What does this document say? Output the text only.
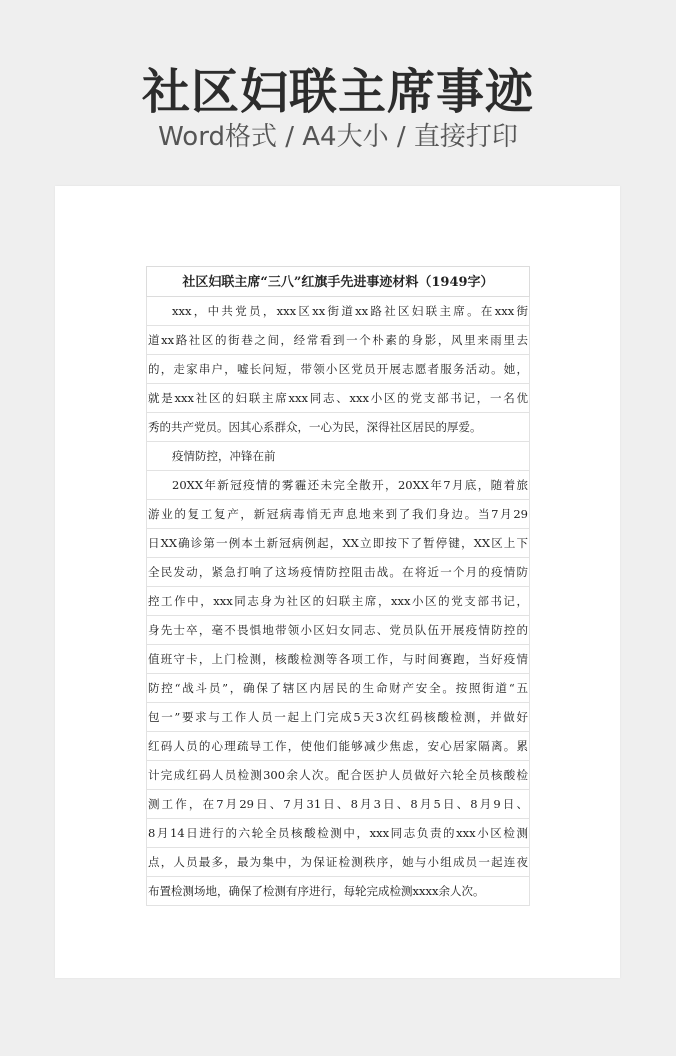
社区妇联主席事迹
Word格式 / A4大小 / 直接打印
社区妇联主席“三八”红旗手先进事迹材料（1949字）
xxx，中共党员，xxx区xx街道xx路社区妇联主席。在xxx街
道xx路社区的街巷之间，经常看到一个朴素的身影，风里来雨里去
的，走家串户，嘘长问短，带领小区党员开展志愿者服务活动。她，
就是xxx社区的妇联主席xxx同志、xxx小区的党支部书记，一名优
秀的共产党员。因其心系群众，一心为民，深得社区居民的厚爱。
疫情防控，冲锋在前
20XX年新冠疫情的雾霾还未完全散开，20XX年7月底，随着旅
游业的复工复产，新冠病毒悄无声息地来到了我们身边。当7月29
日XX确诊第一例本土新冠病例起，XX立即按下了暂停键，XX区上下
全民发动，紧急打响了这场疫情防控阻击战。在将近一个月的疫情防
控工作中，xxx同志身为社区的妇联主席，xxx小区的党支部书记，
身先士卒，毫不畏惧地带领小区妇女同志、党员队伍开展疫情防控的
值班守卡，上门检测，核酸检测等各项工作，与时间赛跑，当好疫情
防控“战斗员”，确保了辖区内居民的生命财产安全。按照街道“五
包一”要求与工作人员一起上门完成5天3次红码核酸检测，并做好
红码人员的心理疏导工作，使他们能够减少焦虑，安心居家隔离。累
计完成红码人员检测300余人次。配合医护人员做好六轮全员核酸检
测工作，在7月29日、7月31日、8月3日、8月5日、8月9日、
8月14日进行的六轮全员核酸检测中，xxx同志负责的xxx小区检测
点，人员最多，最为集中，为保证检测秩序，她与小组成员一起连夜
布置检测场地，确保了检测有序进行，每轮完成检测xxxx余人次。
